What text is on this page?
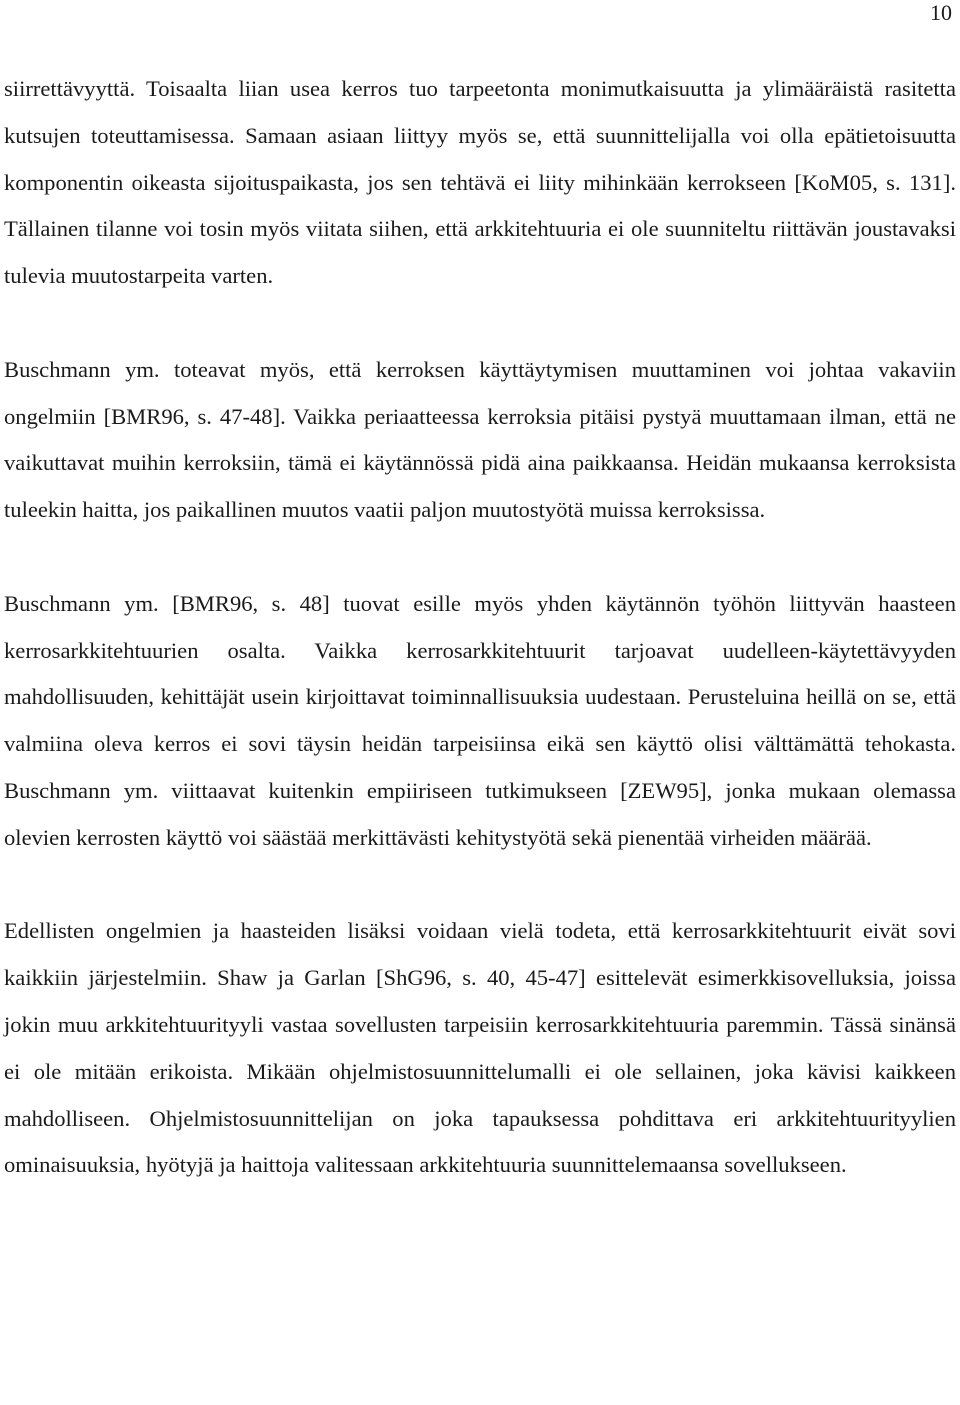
10

siirrettävyyttä. Toisaalta liian usea kerros tuo tarpeetonta monimutkaisuutta ja ylimääräistä rasitetta kutsujen toteuttamisessa. Samaan asiaan liittyy myös se, että suunnittelijalla voi olla epätietoisuutta komponentin oikeasta sijoituspaikasta, jos sen tehtävä ei liity mihinkään kerrokseen [KoM05, s. 131]. Tällainen tilanne voi tosin myös viitata siihen, että arkkitehtuuria ei ole suunniteltu riittävän joustavaksi tulevia muutostarpeita varten.

Buschmann ym. toteavat myös, että kerroksen käyttäytymisen muuttaminen voi johtaa vakaviin ongelmiin [BMR96, s. 47-48]. Vaikka periaatteessa kerroksia pitäisi pystyä muuttamaan ilman, että ne vaikuttavat muihin kerroksiin, tämä ei käytännössä pidä aina paikkaansa. Heidän mukaansa kerroksista tuleekin haitta, jos paikallinen muutos vaatii paljon muutostyötä muissa kerroksissa.

Buschmann ym. [BMR96, s. 48] tuovat esille myös yhden käytännön työhön liittyvän haasteen kerrosarkkitehtuurien osalta. Vaikka kerrosarkkitehtuurit tarjoavat uudelleen-käytettävyyden mahdollisuuden, kehittäjät usein kirjoittavat toiminnallisuuksia uudestaan. Perusteluina heillä on se, että valmiina oleva kerros ei sovi täysin heidän tarpeisiinsa eikä sen käyttö olisi välttämättä tehokasta. Buschmann ym. viittaavat kuitenkin empiiriseen tutkimukseen [ZEW95], jonka mukaan olemassa olevien kerrosten käyttö voi säästää merkittävästi kehitystyötä sekä pienentää virheiden määrää.

Edellisten ongelmien ja haasteiden lisäksi voidaan vielä todeta, että kerrosarkkitehtuurit eivät sovi kaikkiin järjestelmiin. Shaw ja Garlan [ShG96, s. 40, 45-47] esittelevät esimerkkisovelluksia, joissa jokin muu arkkitehtuurityyli vastaa sovellusten tarpeisiin kerrosarkkitehtuuria paremmin. Tässä sinänsä ei ole mitään erikoista. Mikään ohjelmistosuunnittelumalli ei ole sellainen, joka kävisi kaikkeen mahdolliseen. Ohjelmistosuunnittelijan on joka tapauksessa pohdittava eri arkkitehtuurityylien ominaisuuksia, hyötyjä ja haittoja valitessaan arkkitehtuuria suunnittelemaansa sovellukseen.
